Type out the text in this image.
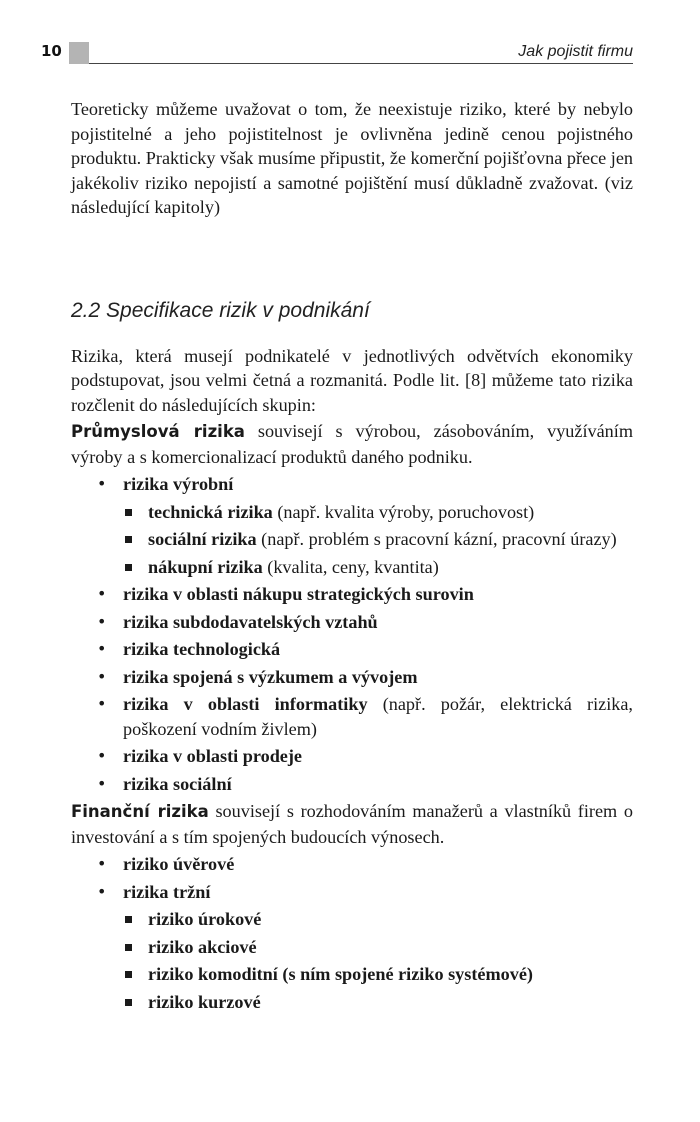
10	Jak pojistit firmu

Teoreticky můžeme uvažovat o tom, že neexistuje riziko, které by nebylo pojistitelné a jeho pojistitelnost je ovlivněna jedině cenou pojistného produktu. Prakticky však musíme připustit, že komerční pojišťovna přece jen jakékoliv riziko nepojistí a samotné pojištění musí důkladně zvažovat. (viz následující kapitoly)

2.2 Specifikace rizik v podnikání

Rizika, která musejí podnikatelé v jednotlivých odvětvích ekonomiky podstupovat, jsou velmi četná a rozmanitá. Podle lit. [8] můžeme tato rizika rozčlenit do následujících skupin:

Průmyslová rizika souvisejí s výrobou, zásobováním, využíváním výroby a s komercionalizací produktů daného podniku.

• rizika výrobní
technická rizika (např. kvalita výroby, poruchovost)
sociální rizika (např. problém s pracovní kázní, pracovní úrazy)
nákupní rizika (kvalita, ceny, kvantita)
• rizika v oblasti nákupu strategických surovin
• rizika subdodavatelských vztahů
• rizika technologická
• rizika spojená s výzkumem a vývojem
• rizika v oblasti informatiky (např. požár, elektrická rizika, poškození vodním živlem)
• rizika v oblasti prodeje
• rizika sociální

Finanční rizika souvisejí s rozhodováním manažerů a vlastníků firem o investování a s tím spojených budoucích výnosech.

• riziko úvěrové
• rizika tržní
riziko úrokové
riziko akciové
riziko komoditní (s ním spojené riziko systémové)
riziko kurzové
